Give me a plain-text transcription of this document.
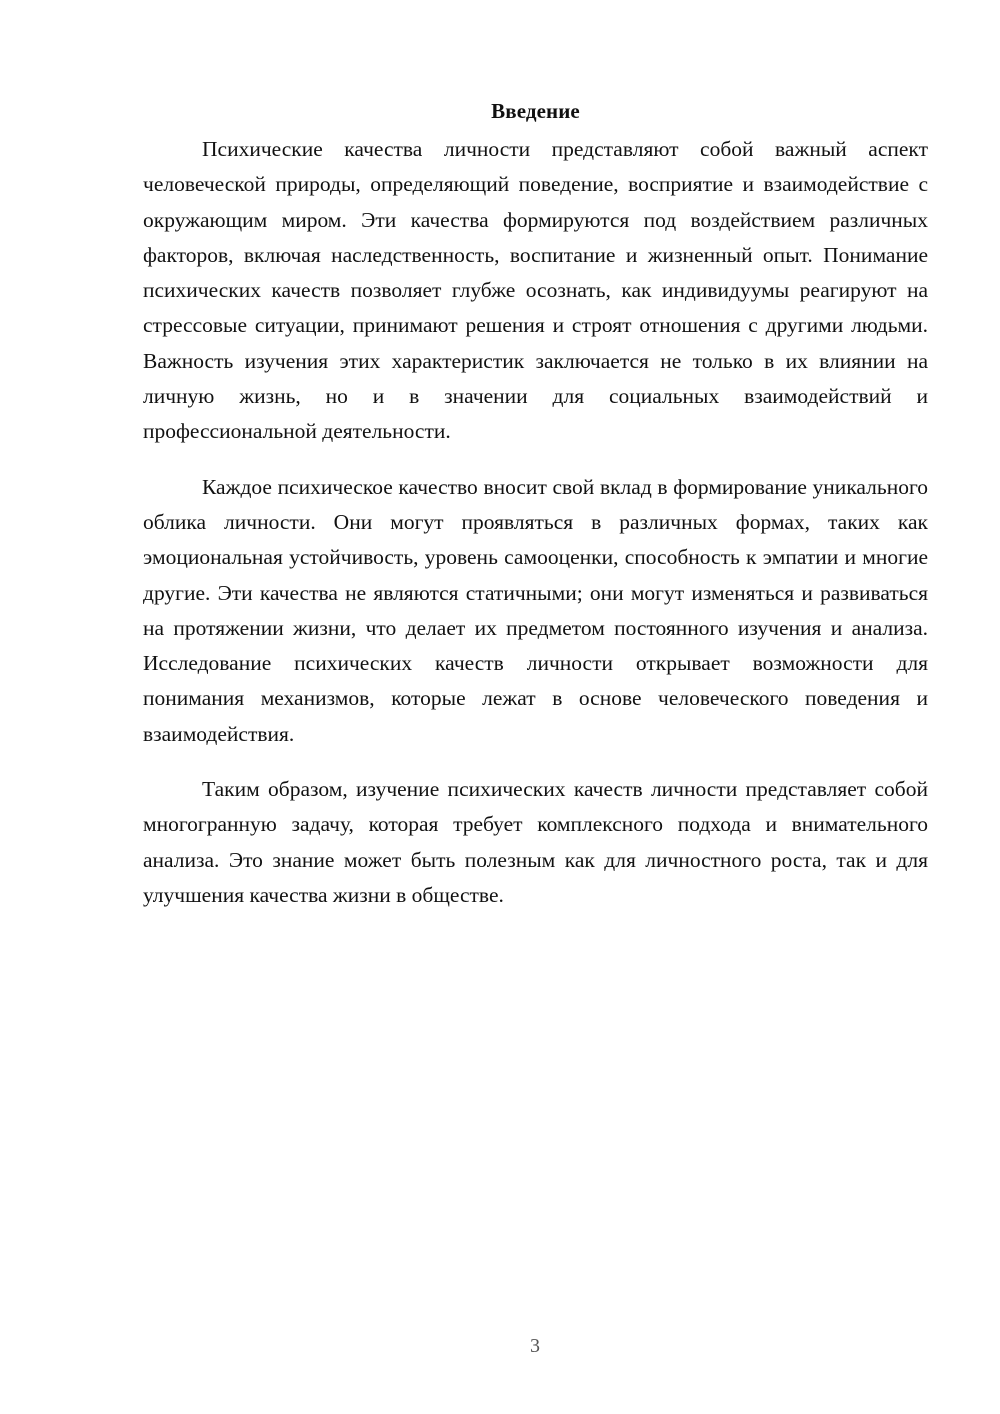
Введение

Психические качества личности представляют собой важный аспект человеческой природы, определяющий поведение, восприятие и взаимодействие с окружающим миром. Эти качества формируются под воздействием различных факторов, включая наследственность, воспитание и жизненный опыт. Понимание психических качеств позволяет глубже осознать, как индивидуумы реагируют на стрессовые ситуации, принимают решения и строят отношения с другими людьми. Важность изучения этих характеристик заключается не только в их влиянии на личную жизнь, но и в значении для социальных взаимодействий и профессиональной деятельности.

Каждое психическое качество вносит свой вклад в формирование уникального облика личности. Они могут проявляться в различных формах, таких как эмоциональная устойчивость, уровень самооценки, способность к эмпатии и многие другие. Эти качества не являются статичными; они могут изменяться и развиваться на протяжении жизни, что делает их предметом постоянного изучения и анализа. Исследование психических качеств личности открывает возможности для понимания механизмов, которые лежат в основе человеческого поведения и взаимодействия.

Таким образом, изучение психических качеств личности представляет собой многогранную задачу, которая требует комплексного подхода и внимательного анализа. Это знание может быть полезным как для личностного роста, так и для улучшения качества жизни в обществе.

3
